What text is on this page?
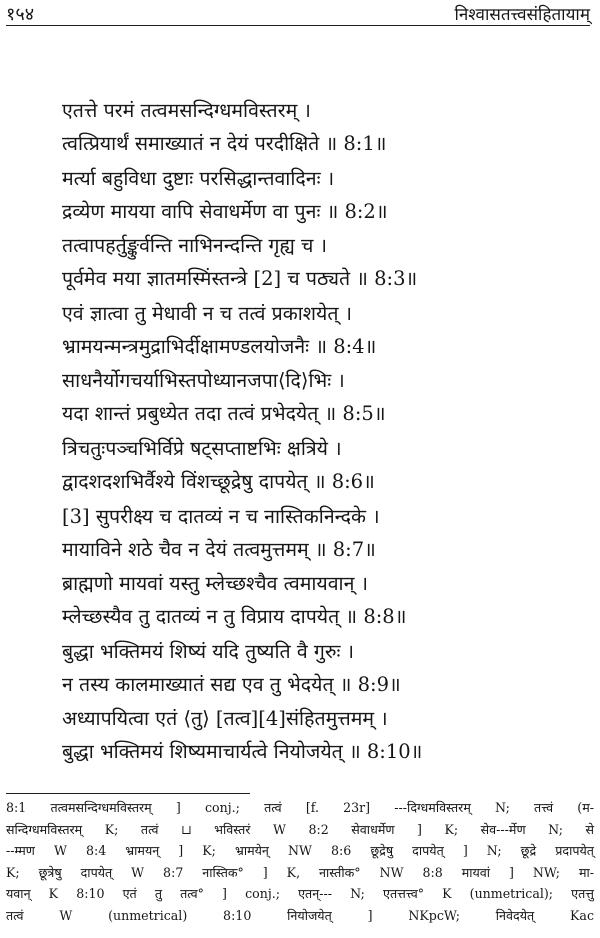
१५४	निश्वासतत्त्वसंहितायाम्
एतत्ते परमं तत्वमसन्दिग्धमविस्तरम् ।
त्वत्प्रियार्थं समाख्यातं न देयं परदीक्षिते ॥ 8:1॥
मर्त्या बहुविधा दुष्टाः परसिद्धान्तवादिनः ।
द्रव्येण मायया वापि सेवाधर्मेण वा पुनः ॥ 8:2॥
तत्वापहर्तुङ्कुर्वन्ति नाभिनन्दन्ति गृह्य च ।
पूर्वमेव मया ज्ञातमस्मिंस्तन्त्रे [2] च पठ्यते ॥ 8:3॥
एवं ज्ञात्वा तु मेधावी न च तत्वं प्रकाशयेत् ।
भ्रामयन्मन्त्रमुद्राभिर्दीक्षामण्डलयोजनैः ॥ 8:4॥
साधनैर्योगचर्याभिस्तपोध्यानजपा⟨दि⟩भिः ।
यदा शान्तं प्रबुध्येत तदा तत्वं प्रभेदयेत् ॥ 8:5॥
त्रिचतुःपञ्चभिर्विप्रे षट्सप्ताष्टभिः क्षत्रिये ।
द्वादशदशभिर्वैश्ये विंशच्छूद्रेषु दापयेत् ॥ 8:6॥
[3] सुपरीक्ष्य च दातव्यं न च नास्तिकनिन्दके ।
मायाविने शठे चैव न देयं तत्वमुत्तमम् ॥ 8:7॥
ब्राह्मणो मायवां यस्तु म्लेच्छश्चैव त्वमायवान् ।
म्लेच्छस्यैव तु दातव्यं न तु विप्राय दापयेत् ॥ 8:8॥
बुद्धा भक्तिमयं शिष्यं यदि तुष्यति वै गुरुः ।
न तस्य कालमाख्यातं सद्य एव तु भेदयेत् ॥ 8:9॥
अध्यापयित्वा एतं ⟨तु⟩ [तत्व][4]संहितमुत्तमम् ।
बुद्धा भक्तिमयं शिष्यमाचार्यत्वे नियोजयेत् ॥ 8:10॥
8:1 तत्वमसन्दिग्धमविस्तरम् ] conj.; तत्वं [f. 23r] ---दिग्धमविस्तरम् N; तत्त्वं (म-
सन्दिग्धमविस्तरम् K; तत्वं ⊔ भविस्तरं W 8:2 सेवाधर्मेण ] K; सेव---र्मेण N; से
--म्मण W 8:4 भ्रामयन् ] K; भ्रामयेन् NW 8:6 छूद्रेषु दापयेत् ] N; छूद्रे प्रदापयेत्
K; छूत्रेषु दापयेत् W 8:7 नास्तिक° ] K, नास्तीक° NW 8:8 मायवां ] NW; मा-
यवान् K 8:10 एतं तु तत्व° ] conj.; एतन्--- N; एतत्तत्त्व° K (unmetrical); एतत्तु
तत्वं W (unmetrical) 8:10 नियोजयेत् ] NKpcW; निवेदयेत् Kac
